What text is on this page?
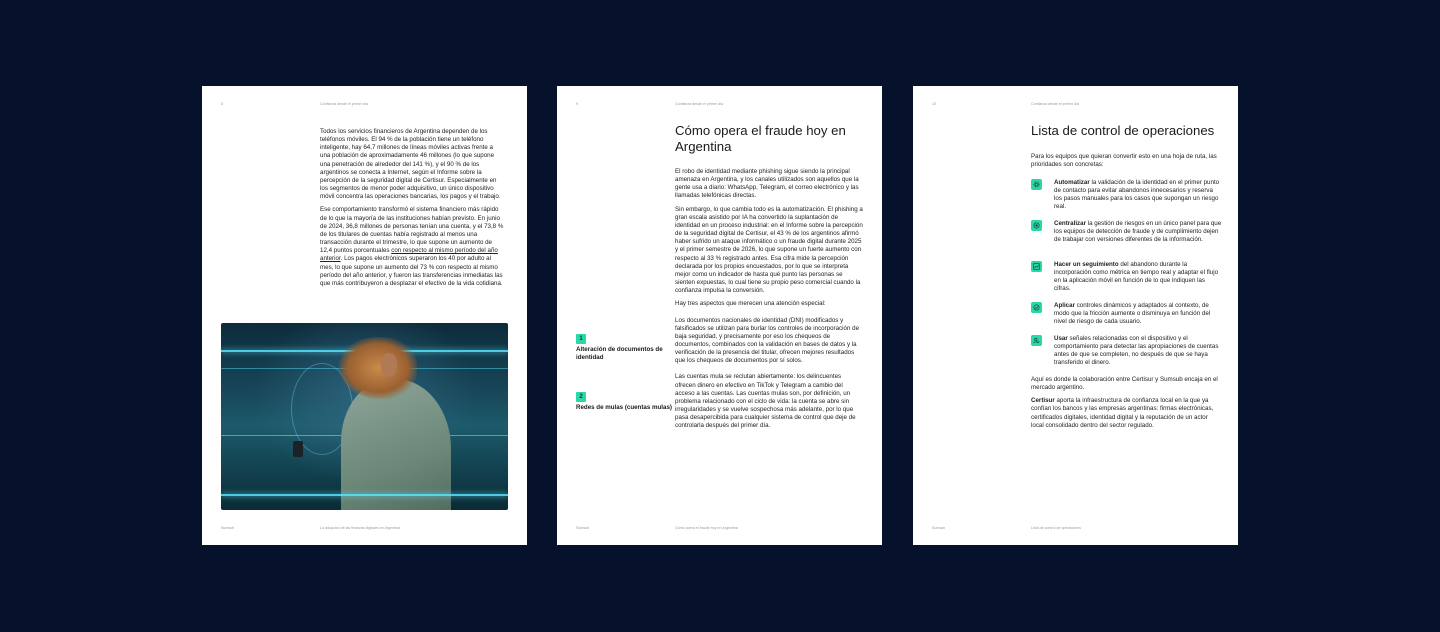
8	Confianza desde el primer día

Todos los servicios financieros de Argentina dependen de los teléfonos móviles. El 94 % de la población tiene un teléfono inteligente, hay 64,7 millones de líneas móviles activas frente a una población de aproximadamente 46 millones (lo que supone una penetración de alrededor del 141 %), y el 90 % de los argentinos se conecta a Internet, según el Informe sobre la percepción de la seguridad digital de Certisur. Especialmente en los segmentos de menor poder adquisitivo, un único dispositivo móvil concentra las operaciones bancarias, los pagos y el trabajo.

Ese comportamiento transformó el sistema financiero más rápido de lo que la mayoría de las instituciones habían previsto. En junio de 2024, 36,8 millones de personas tenían una cuenta, y el 73,8 % de los titulares de cuentas había registrado al menos una transacción durante el trimestre, lo que supone un aumento de 12,4 puntos porcentuales con respecto al mismo período del año anterior. Los pagos electrónicos superaron los 40 por adulto al mes, lo que supone un aumento del 73 % con respecto al mismo período del año anterior, y fueron las transferencias inmediatas las que más contribuyeron a desplazar el efectivo de la vida cotidiana.

Sumsub	La adopción de las finanzas digitales en Argentina
9	Confianza desde el primer día
Cómo opera el fraude hoy en Argentina

El robo de identidad mediante phishing sigue siendo la principal amenaza en Argentina, y los canales utilizados son aquellos que la gente usa a diario: WhatsApp, Telegram, el correo electrónico y las llamadas telefónicas directas.

Sin embargo, lo que cambia todo es la automatización. El phishing a gran escala asistido por IA ha convertido la suplantación de identidad en un proceso industrial: en el Informe sobre la percepción de la seguridad digital de Certisur, el 43 % de los argentinos afirmó haber sufrido un ataque informático o un fraude digital durante 2025 y el primer semestre de 2026, lo que supone un fuerte aumento con respecto al 33 % registrado antes. Esa cifra mide la percepción declarada por los propios encuestados, por lo que se interpreta mejor como un indicador de hasta qué punto las personas se sienten expuestas, lo cual tiene su propio peso comercial cuando la confianza impulsa la conversión.

Hay tres aspectos que merecen una atención especial:

Los documentos nacionales de identidad (DNI) modificados y falsificados se utilizan para burlar los controles de incorporación de baja seguridad, y precisamente por eso los chequeos de documentos, combinados con la validación en bases de datos y la verificación de la presencia del titular, ofrecen mejores resultados que los chequeos de documentos por sí solos.

Las cuentas mula se reclutan abiertamente: los delincuentes ofrecen dinero en efectivo en TikTok y Telegram a cambio del acceso a las cuentas. Las cuentas mulas son, por definición, un problema relacionado con el ciclo de vida: la cuenta se abre sin irregularidades y se vuelve sospechosa más adelante, por lo que pasa desapercibida para cualquier sistema de control que deje de controlarla después del primer día.

1
Alteración de documentos de identidad
2
Redes de mulas (cuentas mulas)
Sumsub	Cómo opera el fraude hoy en Argentina
10	Confianza desde el primer día
Lista de control de operaciones
Para los equipos que quieran convertir esto en una hoja de ruta, las prioridades son concretas:
Automatizar la validación de la identidad en el primer punto de contacto para evitar abandonos innecesarios y reserva los pasos manuales para los casos que supongan un riesgo real.
Centralizar la gestión de riesgos en un único panel para que los equipos de detección de fraude y de cumplimiento dejen de trabajar con versiones diferentes de la información.
Hacer un seguimiento del abandono durante la incorporación como métrica en tiempo real y adaptar el flujo en la aplicación móvil en función de lo que indiquen las cifras.
Aplicar controles dinámicos y adaptados al contexto, de modo que la fricción aumente o disminuya en función del nivel de riesgo de cada usuario.
Usar señales relacionadas con el dispositivo y el comportamiento para detectar las apropiaciones de cuentas antes de que se completen, no después de que se haya transferido el dinero.

Aquí es donde la colaboración entre Certisur y Sumsub encaja en el mercado argentino.

Certisur aporta la infraestructura de confianza local en la que ya confían los bancos y las empresas argentinas: firmas electrónicas, certificados digitales, identidad digital y la reputación de un actor local consolidado dentro del sector regulado.

Sumsub	Lista de control de operaciones
